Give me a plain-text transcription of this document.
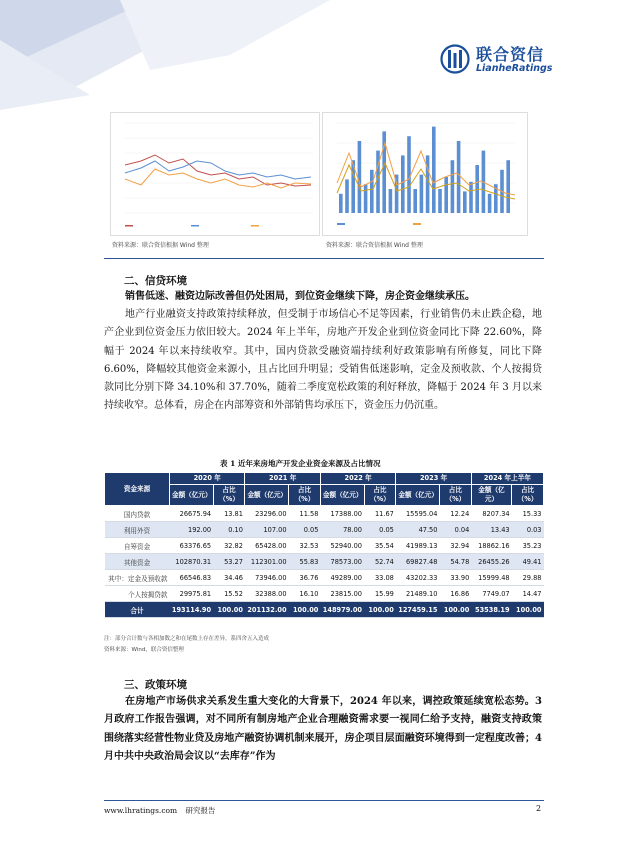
联合资信
LianheRatings
资料来源：联合资信根据 Wind 整理	资料来源：联合资信根据 Wind 整理
二、信贷环境
销售低迷、融资边际改善但仍处困局，到位资金继续下降，房企资金继续承压。
地产行业融资支持政策持续释放，但受制于市场信心不足等因素，行业销售仍未止跌企稳，地产企业到位资金压力依旧较大。2024 年上半年，房地产开发企业到位资金同比下降 22.60%，降幅于 2024 年以来持续收窄。其中，国内贷款受融资端持续利好政策影响有所修复，同比下降 6.60%，降幅较其他资金来源小，且占比回升明显；受销售低迷影响，定金及预收款、个人按揭贷款同比分别下降 34.10%和 37.70%，随着二季度宽松政策的利好释放，降幅于 2024 年 3 月以来持续收窄。总体看，房企在内部筹资和外部销售均承压下，资金压力仍沉重。
表 1 近年来房地产开发企业资金来源及占比情况
资金来源	2020 年		2021 年		2022 年		2023 年		2024 年上半年	
	金额（亿元）	占比（%）	金额（亿元）	占比（%）	金额（亿元）	占比（%）	金额（亿元）	占比（%）	金额（亿元）	占比（%）
国内贷款	26675.94	13.81	23296.00	11.58	17388.00	11.67	15595.04	12.24	8207.34	15.33
利用外资	192.00	0.10	107.00	0.05	78.00	0.05	47.50	0.04	13.43	0.03
自筹资金	63376.65	32.82	65428.00	32.53	52940.00	35.54	41989.13	32.94	18862.16	35.23
其他资金	102870.31	53.27	112301.00	55.83	78573.00	52.74	69827.48	54.78	26455.26	49.41
其中：定金及预收款	66546.83	34.46	73946.00	36.76	49289.00	33.08	43202.33	33.90	15999.48	29.88
个人按揭贷款	29975.81	15.52	32388.00	16.10	23815.00	15.99	21489.10	16.86	7749.07	14.47
合计	193114.90	100.00	201132.00	100.00	148979.00	100.00	127459.15	100.00	53538.19	100.00
注：部分合计数与各相加数之和在尾数上存在差异，系四舍五入造成
资料来源：Wind，联合资信整理
三、政策环境
在房地产市场供求关系发生重大变化的大背景下，2024 年以来，调控政策延续宽松态势。3 月政府工作报告强调，对不同所有制房地产企业合理融资需求要一视同仁给予支持，融资支持政策围绕落实经营性物业贷及房地产融资协调机制来展开，房企项目层面融资环境得到一定程度改善；4 月中共中央政治局会议以“去库存”作为
www.lhratings.com 研究报告	2
